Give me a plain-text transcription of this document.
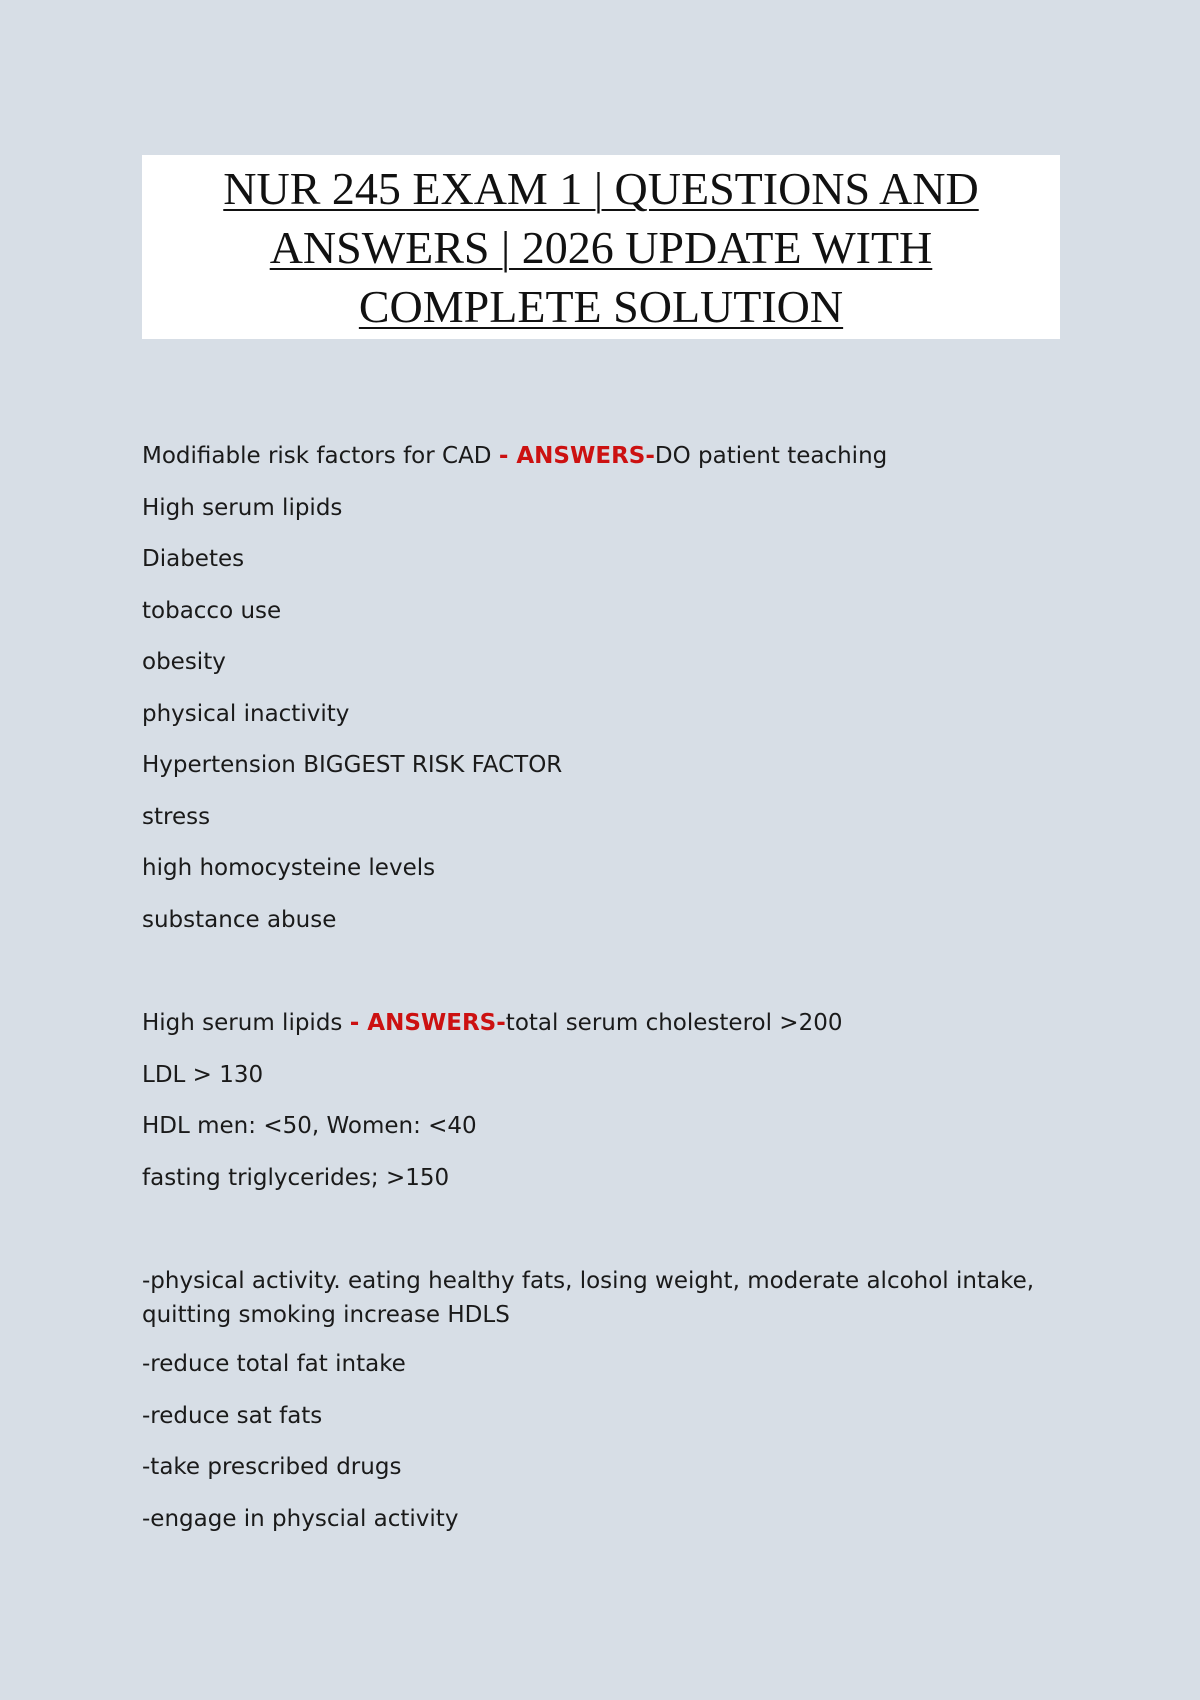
NUR 245 EXAM 1 | QUESTIONS AND
ANSWERS | 2026 UPDATE WITH
COMPLETE SOLUTION
Modifiable risk factors for CAD - ANSWERS-DO patient teaching
High serum lipids
Diabetes
tobacco use
obesity
physical inactivity
Hypertension BIGGEST RISK FACTOR
stress
high homocysteine levels
substance abuse
High serum lipids - ANSWERS-total serum cholesterol >200
LDL > 130
HDL men: <50, Women: <40
fasting triglycerides; >150
-physical activity. eating healthy fats, losing weight, moderate alcohol intake, quitting smoking increase HDLS
-reduce total fat intake
-reduce sat fats
-take prescribed drugs
-engage in physcial activity
